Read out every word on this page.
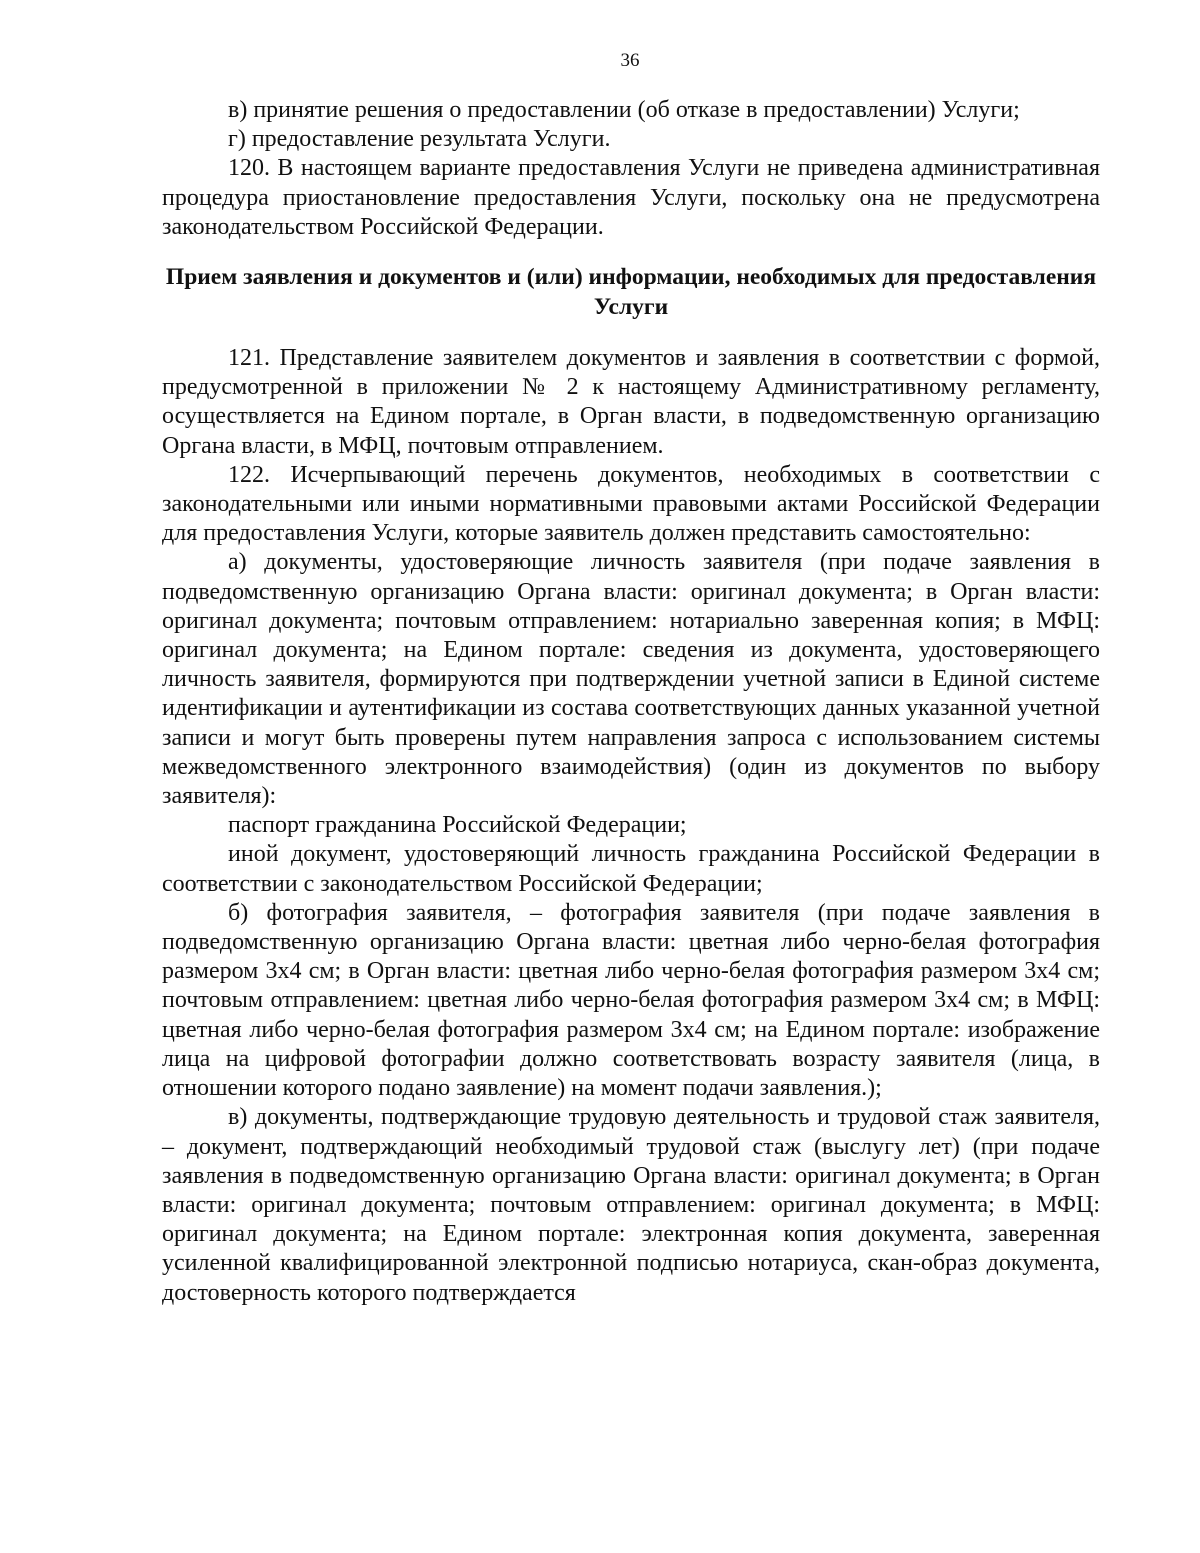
36

в) принятие решения о предоставлении (об отказе в предоставлении) Услуги;

г) предоставление результата Услуги.

120. В настоящем варианте предоставления Услуги не приведена административная процедура приостановление предоставления Услуги, поскольку она не предусмотрена законодательством Российской Федерации.

Прием заявления и документов и (или) информации, необходимых для предоставления Услуги

121. Представление заявителем документов и заявления в соответствии с формой, предусмотренной в приложении № 2 к настоящему Административному регламенту, осуществляется на Едином портале, в Орган власти, в подведомственную организацию Органа власти, в МФЦ, почтовым отправлением.

122. Исчерпывающий перечень документов, необходимых в соответствии с законодательными или иными нормативными правовыми актами Российской Федерации для предоставления Услуги, которые заявитель должен представить самостоятельно:

а) документы, удостоверяющие личность заявителя (при подаче заявления в подведомственную организацию Органа власти: оригинал документа; в Орган власти: оригинал документа; почтовым отправлением: нотариально заверенная копия; в МФЦ: оригинал документа; на Едином портале: сведения из документа, удостоверяющего личность заявителя, формируются при подтверждении учетной записи в Единой системе идентификации и аутентификации из состава соответствующих данных указанной учетной записи и могут быть проверены путем направления запроса с использованием системы межведомственного электронного взаимодействия) (один из документов по выбору заявителя):

паспорт гражданина Российской Федерации;

иной документ, удостоверяющий личность гражданина Российской Федерации в соответствии с законодательством Российской Федерации;

б) фотография заявителя, – фотография заявителя (при подаче заявления в подведомственную организацию Органа власти: цветная либо черно-белая фотография размером 3x4 см; в Орган власти: цветная либо черно-белая фотография размером 3x4 см; почтовым отправлением: цветная либо черно-белая фотография размером 3x4 см; в МФЦ: цветная либо черно-белая фотография размером 3x4 см; на Едином портале: изображение лица на цифровой фотографии должно соответствовать возрасту заявителя (лица, в отношении которого подано заявление) на момент подачи заявления.);

в) документы, подтверждающие трудовую деятельность и трудовой стаж заявителя, – документ, подтверждающий необходимый трудовой стаж (выслугу лет) (при подаче заявления в подведомственную организацию Органа власти: оригинал документа; в Орган власти: оригинал документа; почтовым отправлением: оригинал документа; в МФЦ: оригинал документа; на Едином портале: электронная копия документа, заверенная усиленной квалифицированной электронной подписью нотариуса, скан-образ документа, достоверность которого подтверждается
